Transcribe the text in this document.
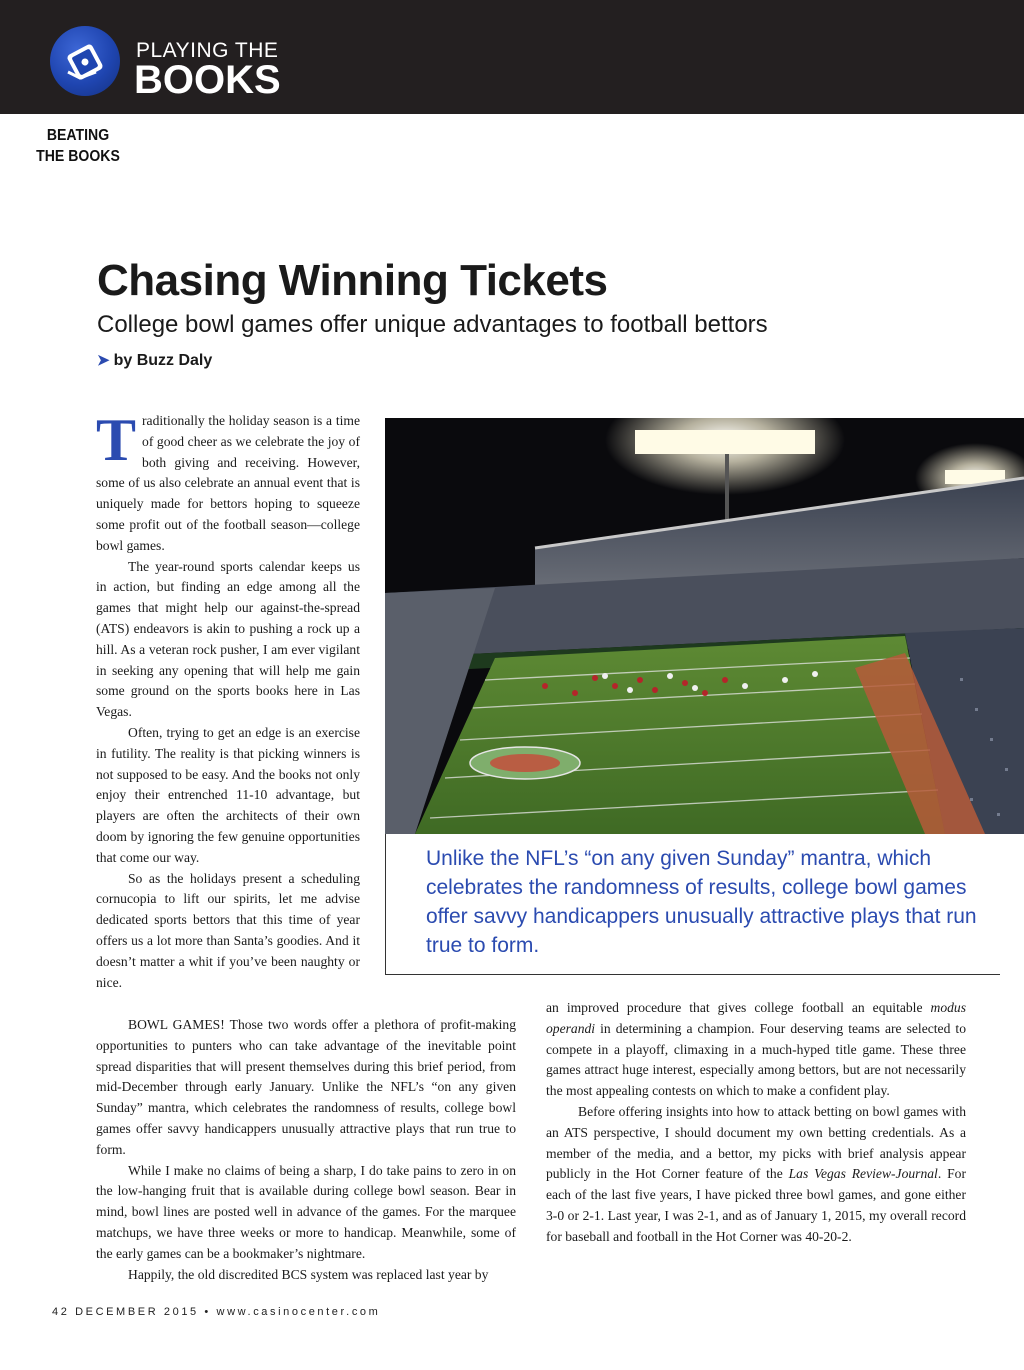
PLAYING THE
BOOKS
BEATING
THE BOOKS
Chasing Winning Tickets
College bowl games offer unique advantages to football bettors
➤ by Buzz Daly

Traditionally the holiday season is a time of good cheer as we celebrate the joy of both giving and receiving. However, some of us also celebrate an annual event that is uniquely made for bettors hoping to squeeze some profit out of the football season—college bowl games.

The year-round sports calendar keeps us in action, but finding an edge among all the games that might help our against-the-spread (ATS) endeavors is akin to pushing a rock up a hill. As a veteran rock pusher, I am ever vigilant in seeking any opening that will help me gain some ground on the sports books here in Las Vegas.

Often, trying to get an edge is an exercise in futility. The reality is that picking winners is not supposed to be easy. And the books not only enjoy their entrenched 11-10 advantage, but players are often the architects of their own doom by ignoring the few genuine opportunities that come our way.

So as the holidays present a scheduling cornucopia to lift our spirits, let me advise dedicated sports bettors that this time of year offers us a lot more than Santa’s goodies. And it doesn’t matter a whit if you’ve been naughty or nice.

BOWL GAMES! Those two words offer a plethora of profit-making opportunities to punters who can take advantage of the inevitable point spread disparities that will present themselves during this brief period, from mid-December through early January. Unlike the NFL’s “on any given Sunday” mantra, which celebrates the randomness of results, college bowl games offer savvy handicappers unusually attractive plays that run true to form.

While I make no claims of being a sharp, I do take pains to zero in on the low-hanging fruit that is available during college bowl season. Bear in mind, bowl lines are posted well in advance of the games. For the marquee matchups, we have three weeks or more to handicap. Meanwhile, some of the early games can be a bookmaker’s nightmare.

Happily, the old discredited BCS system was replaced last year by

an improved procedure that gives college football an equitable modus operandi in determining a champion. Four deserving teams are selected to compete in a playoff, climaxing in a much-hyped title game. These three games attract huge interest, especially among bettors, but are not necessarily the most appealing contests on which to make a confident play.

Before offering insights into how to attack betting on bowl games with an ATS perspective, I should document my own betting credentials. As a member of the media, and a bettor, my picks with brief analysis appear publicly in the Hot Corner feature of the Las Vegas Review-Journal. For each of the last five years, I have picked three bowl games, and gone either 3-0 or 2-1. Last year, I was 2-1, and as of January 1, 2015, my overall record for baseball and football in the Hot Corner was 40-20-2.

Unlike the NFL’s “on any given Sunday” mantra, which celebrates the randomness of results, college bowl games offer savvy handicappers unusually attractive plays that run true to form.

42 DECEMBER 2015 • www.casinocenter.com
